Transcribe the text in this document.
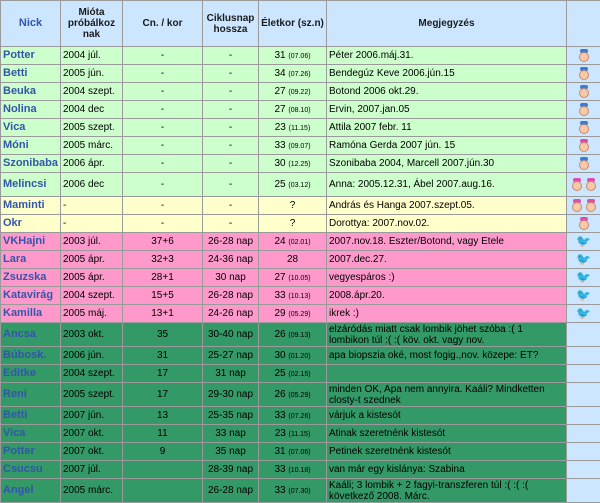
Nick	Mióta próbálkoz nak	Cn. / kor	Ciklusnap hossza	Életkor (sz.n)	Megjegyzés	
Potter	2004 júl.	-	-	31 (07.06)	Péter 2006.máj.31.	

Betti	2005 jún.	-	-	34 (07.26)	Bendegúz Keve 2006.jún.15	

Beuka	2004 szept.	-	-	27 (09.22)	Botond 2006 okt.29.	

Nolina	2004 dec	-	-	27 (08.10)	Ervin, 2007.jan.05	

Vica	2005 szept.	-	-	23 (11.15)	Attila 2007 febr. 11	

Móni	2005 márc.	-	-	33 (09.07)	Ramóna Gerda 2007 jún. 15	

Szonibaba	2006 ápr.	-	-	30 (12.25)	Szonibaba 2004, Marcell 2007.jún.30	

Melincsi	2006 dec	-	-	25 (03.12)	Anna: 2005.12.31, Ábel 2007.aug.16.	

Maminti	-	-	-	?	András és Hanga 2007.szept.05.	

Okr	-	-	-	?	Dorottya: 2007.nov.02.	

VKHajni	2003 júl.	37+6	26-28 nap	24 (02.01)	2007.nov.18. Eszter/Botond, vagy Etele	🐦
Lara	2005 ápr.	32+3	24-36 nap	28	2007.dec.27.	🐦
Zsuzska	2005 ápr.	28+1	30 nap	27 (10.05)	vegyespáros :)	🐦
Katavirág	2004 szept.	15+5	26-28 nap	33 (10.13)	2008.ápr.20.	🐦
Kamilla	2005 máj.	13+1	24-26 nap	29 (05.29)	ikrek :)	🐦
Ancsa	2003 okt.	35	30-40 nap	26 (09.13)	elzáródás miatt csak lombik jöhet szóba :( 1 lombikon túl :( :( köv. okt. vagy nov.	
Búbosk.	2006 jún.	31	25-27 nap	30 (01.20)	apa biopszia oké, most fogig.,nov. közepe: ET?	
Editke	2004 szept.	17	31 nap	25 (02.15)		
Reni	2005 szept.	17	29-30 nap	26 (05.29)	minden OK, Apa nem annyira. Kaáli? Mindketten closty-t szednek	
Betti	2007 jún.	13	25-35 nap	33 (07.26)	várjuk a kistesót	
Vica	2007 okt.	11	33 nap	23 (11.15)	Atinak szeretnénk kistesót	
Potter	2007 okt.	9	35 nap	31 (07.06)	Petinek szeretnénk kistesót	
Csucsu	2007 júl.		28-39 nap	33 (10.18)	van már egy kislánya: Szabina	
Angel	2005 márc.		26-28 nap	33 (07.30)	Kaáli; 3 lombik + 2 fagyi-transzferen túl :( :( :( következő 2008. Márc.	
